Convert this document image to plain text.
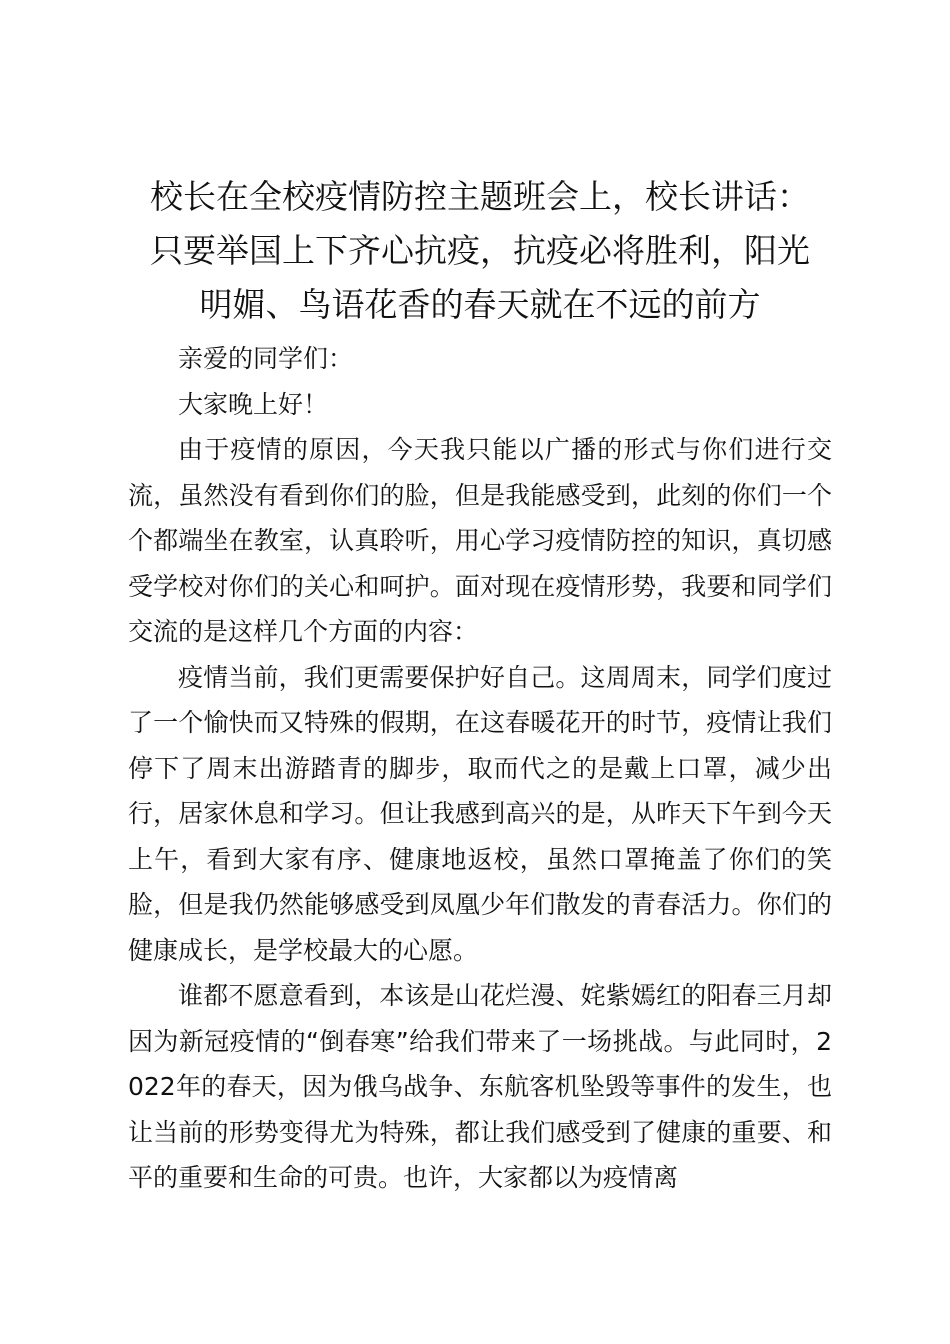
校长在全校疫情防控主题班会上，校长讲话：
只要举国上下齐心抗疫，抗疫必将胜利，阳光
明媚、鸟语花香的春天就在不远的前方

亲爱的同学们：

大家晚上好！

由于疫情的原因，今天我只能以广播的形式与你们进行交流，虽然没有看到你们的脸，但是我能感受到，此刻的你们一个个都端坐在教室，认真聆听，用心学习疫情防控的知识，真切感受学校对你们的关心和呵护。面对现在疫情形势，我要和同学们交流的是这样几个方面的内容：

疫情当前，我们更需要保护好自己。这周周末，同学们度过了一个愉快而又特殊的假期，在这春暖花开的时节，疫情让我们停下了周末出游踏青的脚步，取而代之的是戴上口罩，减少出行，居家休息和学习。但让我感到高兴的是，从昨天下午到今天上午，看到大家有序、健康地返校，虽然口罩掩盖了你们的笑脸，但是我仍然能够感受到凤凰少年们散发的青春活力。你们的健康成长，是学校最大的心愿。

谁都不愿意看到，本该是山花烂漫、姹紫嫣红的阳春三月却因为新冠疫情的“倒春寒”给我们带来了一场挑战。与此同时，2022年的春天，因为俄乌战争、东航客机坠毁等事件的发生，也让当前的形势变得尤为特殊，都让我们感受到了健康的重要、和平的重要和生命的可贵。也许，大家都以为疫情离
